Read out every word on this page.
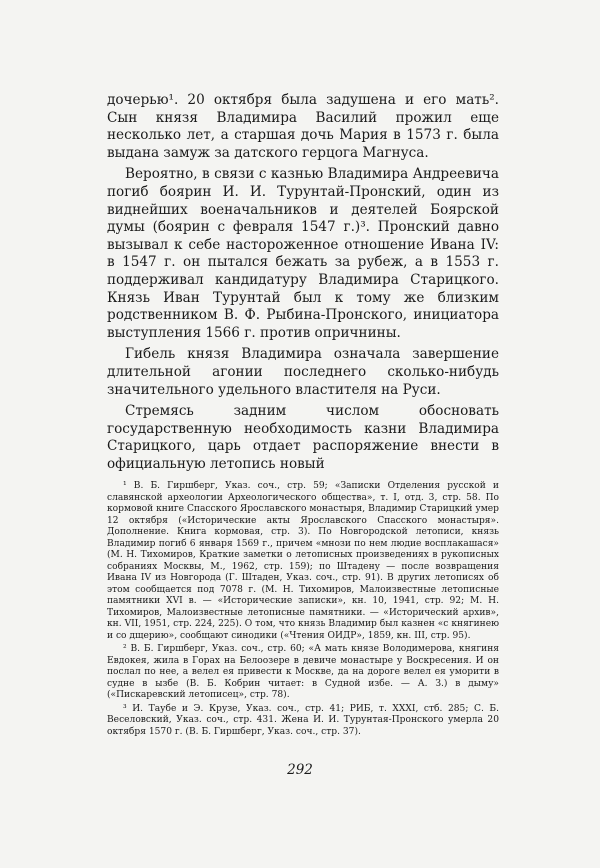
дочерью¹. 20 октября была задушена и его мать². Сын князя Владимира Василий прожил еще несколько лет, а старшая дочь Мария в 1573 г. была выдана замуж за датского герцога Магнуса.

Вероятно, в связи с казнью Владимира Андреевича погиб боярин И. И. Турунтай-Пронский, один из виднейших военачальников и деятелей Боярской думы (боярин с февраля 1547 г.)³. Пронский давно вызывал к себе настороженное отношение Ивана IV: в 1547 г. он пытался бежать за рубеж, а в 1553 г. поддерживал кандидатуру Владимира Старицкого. Князь Иван Турунтай был к тому же близким родственником В. Ф. Рыбина-Пронского, инициатора выступления 1566 г. против опричнины.

Гибель князя Владимира означала завершение длительной агонии последнего сколько-нибудь значительного удельного властителя на Руси.

Стремясь задним числом обосновать государственную необходимость казни Владимира Старицкого, царь отдает распоряжение внести в официальную летопись новый

¹ В. Б. Гиршберг, Указ. соч., стр. 59; «Записки Отделения русской и славянской археологии Археологического общества», т. I, отд. 3, стр. 58. По кормовой книге Спасского Ярославского монастыря, Владимир Старицкий умер 12 октября («Исторические акты Ярославского Спасского монастыря». Дополнение. Книга кормовая, стр. 3). По Новгородской летописи, князь Владимир погиб 6 января 1569 г., причем «мнози по нем людие восплакашася» (М. Н. Тихомиров, Краткие заметки о летописных произведениях в рукописных собраниях Москвы, М., 1962, стр. 159); по Штадену — после возвращения Ивана IV из Новгорода (Г. Штаден, Указ. соч., стр. 91). В других летописях об этом сообщается под 7078 г. (М. Н. Тихомиров, Малоизвестные летописные памятники XVI в. — «Исторические записки», кн. 10, 1941, стр. 92; М. Н. Тихомиров, Малоизвестные летописные памятники. — «Исторический архив», кн. VII, 1951, стр. 224, 225). О том, что князь Владимир был казнен «с княгинею и со дщерию», сообщают синодики («Чтения ОИДР», 1859, кн. III, стр. 95).

² В. Б. Гиршберг, Указ. соч., стр. 60; «А мать князе Володимерова, княгиня Евдокея, жила в Горах на Белоозере в девиче монастыре у Воскресения. И он послал по нее, а велел ея привести к Москве, да на дороге велел ея уморити в судне в ызбе (В. Б. Кобрин читает: в Судной избе. — А. З.) в дыму» («Пискаревский летописец», стр. 78).

³ И. Таубе и Э. Крузе, Указ. соч., стр. 41; РИБ, т. XXXI, стб. 285; С. Б. Веселовский, Указ. соч., стр. 431. Жена И. И. Турунтая-Пронского умерла 20 октября 1570 г. (В. Б. Гиршберг, Указ. соч., стр. 37).

292
